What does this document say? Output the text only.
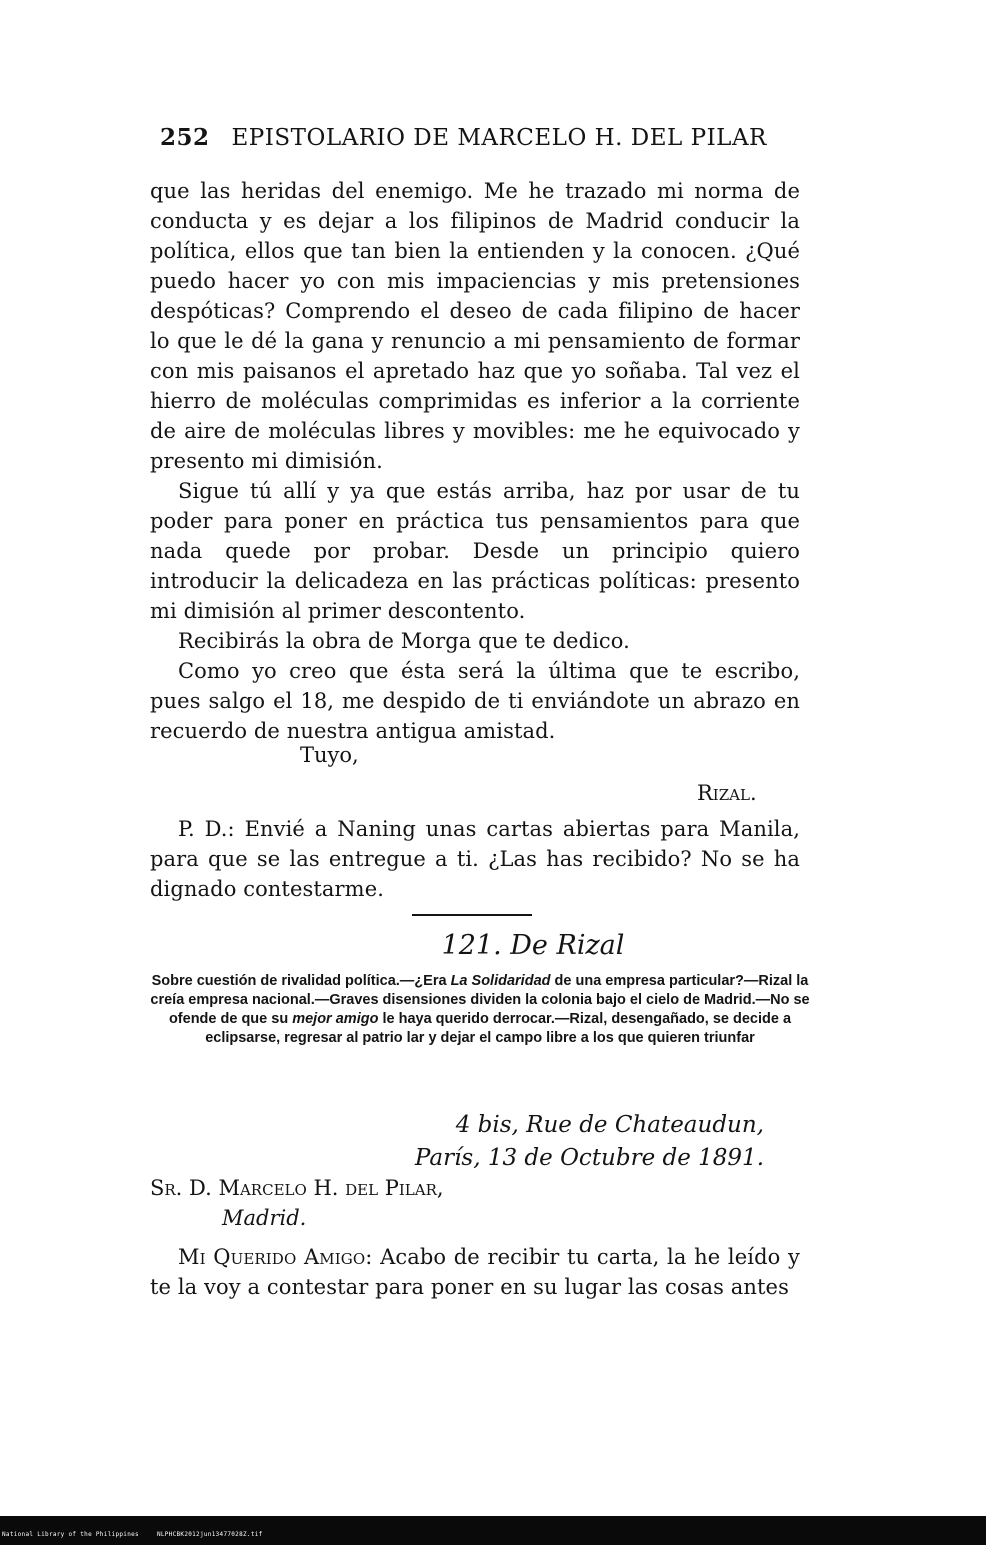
252 EPISTOLARIO DE MARCELO H. DEL PILAR

que las heridas del enemigo. Me he trazado mi norma de conducta y es dejar a los filipinos de Madrid conducir la política, ellos que tan bien la entienden y la conocen. ¿Qué puedo hacer yo con mis impaciencias y mis pretensiones despóticas? Comprendo el deseo de cada filipino de hacer lo que le dé la gana y renuncio a mi pensamiento de formar con mis paisanos el apretado haz que yo soñaba. Tal vez el hierro de moléculas comprimidas es inferior a la corriente de aire de moléculas libres y movibles: me he equivocado y presento mi dimisión.

Sigue tú allí y ya que estás arriba, haz por usar de tu poder para poner en práctica tus pensamientos para que nada quede por probar. Desde un principio quiero introducir la delicadeza en las prácticas políticas: presento mi dimisión al primer descontento.

Recibirás la obra de Morga que te dedico.

Como yo creo que ésta será la última que te escribo, pues salgo el 18, me despido de ti enviándote un abrazo en recuerdo de nuestra antigua amistad.

Tuyo,
Rizal.

P. D.: Envié a Naning unas cartas abiertas para Manila, para que se las entregue a ti. ¿Las has recibido? No se ha dignado contestarme.

121. De Rizal
Sobre cuestión de rivalidad política.—¿Era La Solidaridad de una empresa particular?—Rizal la creía empresa nacional.—Graves disensiones dividen la colonia bajo el cielo de Madrid.—No se ofende de que su mejor amigo le haya querido derrocar.—Rizal, desengañado, se decide a eclipsarse, regresar al patrio lar y dejar el campo libre a los que quieren triunfar
4 bis, Rue de Chateaudun,
París, 13 de Octubre de 1891.
Sr. D. Marcelo H. del Pilar,
Madrid.

Mi Querido Amigo: Acabo de recibir tu carta, la he leído y te la voy a contestar para poner en su lugar las cosas antes

National Library of the Philippines	NLPHCBK2012jun13477028Z.tif
